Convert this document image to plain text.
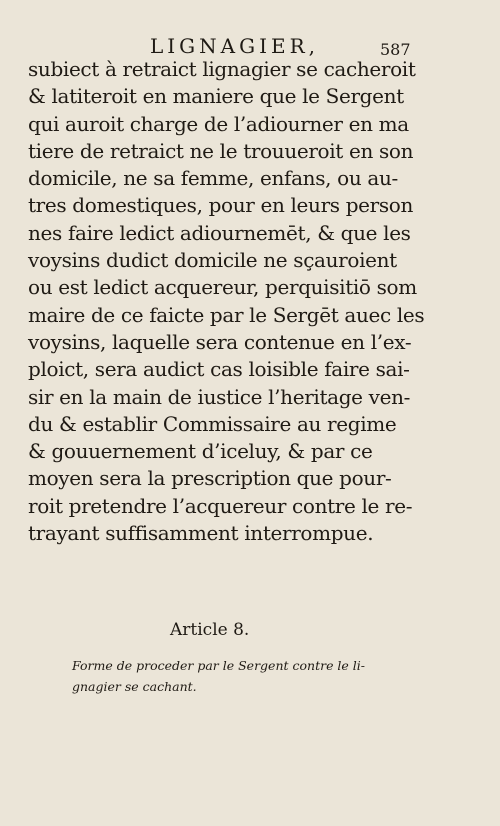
LIGNAGIER,	587
subiect à retraict lignagier se cacheroit
& latiteroit en maniere que le Sergent
qui auroit charge de l’adiourner en ma
tiere de retraict ne le trouueroit en son
domicile, ne sa femme, enfans, ou au-
tres domestiques, pour en leurs person
nes faire ledict adiournemēt, & que les
voysins dudict domicile ne sçauroient
ou est ledict acquereur, perquisitiō som
maire de ce faicte par le Sergēt auec les
voysins, laquelle sera contenue en l’ex-
ploict, sera audict cas loisible faire sai-
sir en la main de iustice l’heritage ven-
du & establir Commissaire au regime
& gouuernement d’iceluy, & par ce
moyen sera la prescription que pour-
roit pretendre l’acquereur contre le re-
trayant suffisamment interrompue.
Article 8.
Forme de proceder par le Sergent contre le li-
gnagier se cachant.
